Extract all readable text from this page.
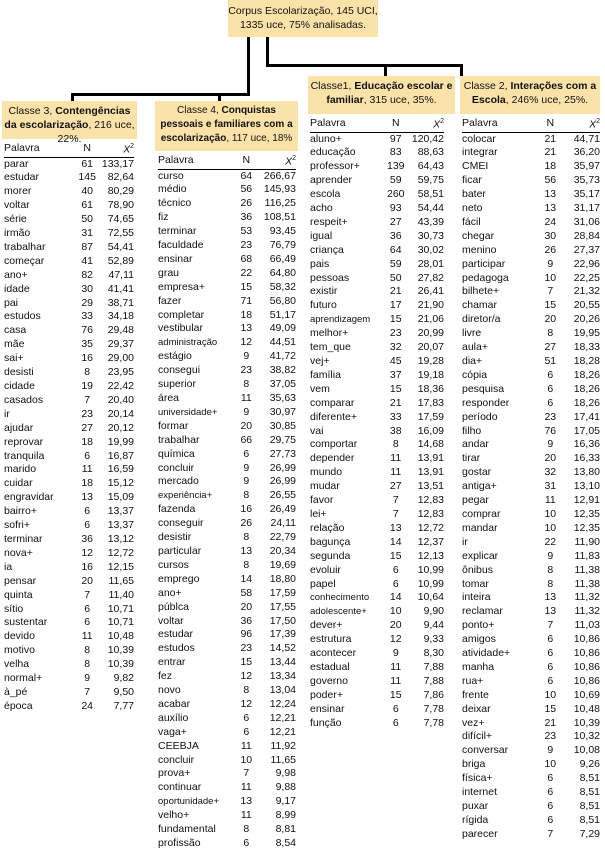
Corpus Escolarização, 145 UCI,
1335 uce, 75% analisadas.
Classe 3, Contengências da escolarização, 216 uce, 22%.
Classe 4, Conquistas pessoais e familiares com a escolarização, 117 uce, 18%
Classe1, Educação escolar e familiar, 315 uce, 35%.
Classe 2, Interações com a Escola, 246% uce, 25%.
Palavra	N	$X^2$
parar	61	133,17
estudar	145	82,64
morer	40	80,29
voltar	61	78,90
série	50	74,65
irmão	31	72,55
trabalhar	87	54,41
começar	41	52,89
ano+	82	47,11
idade	30	41,41
pai	29	38,71
estudos	33	34,18
casa	76	29,48
mãe	35	29,37
sai+	16	29,00
desisti	8	23,95
cidade	19	22,42
casados	7	20,40
ir	23	20,14
ajudar	27	20,12
reprovar	18	19,99
tranquila	6	16,87
marido	11	16,59
cuidar	18	15,12
engravidar	13	15,09
bairro+	6	13,37
sofri+	6	13,37
terminar	36	13,12
nova+	12	12,72
ia	16	12,15
pensar	20	11,65
quinta	7	11,40
sítio	6	10,71
sustentar	6	10,71
devido	11	10,48
motivo	8	10,39
velha	8	10,39
normal+	9	9,82
à_pé	7	9,50
época	24	7,77
Palavra	N	$X^2$
curso	64	266,67
médio	56	145,93
técnico	26	116,25
fiz	36	108,51
terminar	53	93,45
faculdade	23	76,79
ensinar	68	66,49
grau	22	64,80
empresa+	15	58,32
fazer	71	56,80
completar	18	51,17
vestibular	13	49,09
administração	12	44,51
estágio	9	41,72
consegui	23	38,82
superior	8	37,05
área	11	35,63
universidade+	9	30,97
formar	20	30,85
trabalhar	66	29,75
química	6	27,73
concluir	9	26,99
mercado	9	26,99
experiência+	8	26,55
fazenda	16	26,49
conseguir	26	24,11
desistir	8	22,79
particular	13	20,34
cursos	8	19,69
emprego	14	18,80
ano+	58	17,59
públca	20	17,55
voltar	36	17,50
estudar	96	17,39
estudos	23	14,52
entrar	15	13,44
fez	12	13,34
novo	8	13,04
acabar	12	12,24
auxílio	6	12,21
vaga+	6	12,21
CEEBJA	11	11,92
concluir	10	11,65
prova+	7	9,98
continuar	11	9,88
oportunidade+	13	9,17
velho+	11	8,99
fundamental	8	8,81
profissão	6	8,54
Palavra	N	$X^2$
aluno+	97	120,42
educação	83	88,63
professor+	139	64,43
aprender	59	59,75
escola	260	58,51
acho	93	54,44
respeit+	27	43,39
igual	36	30,73
criança	64	30,02
pais	59	28,01
pessoas	50	27,82
existir	21	26,41
futuro	17	21,90
aprendizagem	15	21,06
melhor+	23	20,99
tem_que	32	20,07
vej+	45	19,28
família	37	19,18
vem	15	18,36
comparar	21	17,83
diferente+	33	17,59
vai	38	16,09
comportar	8	14,68
depender	11	13,91
mundo	11	13,91
mudar	27	13,51
favor	7	12,83
lei+	7	12,83
relação	13	12,72
bagunça	14	12,37
segunda	15	12,13
evoluir	6	10,99
papel	6	10,99
conhecimento	14	10,64
adolescente+	10	9,90
dever+	20	9,44
estrutura	12	9,33
acontecer	9	8,30
estadual	11	7,88
governo	11	7,88
poder+	15	7,86
ensinar	6	7,78
função	6	7,78
Palavra	N	$X^2$
colocar	21	44,71
integrar	21	36,20
CMEI	18	35,97
ficar	56	35,73
bater	13	35,17
neto	13	31,17
fácil	24	31,06
chegar	30	28,84
menino	26	27,37
participar	9	22,96
pedagoga	10	22,25
bilhete+	7	21,32
chamar	15	20,55
diretor/a	20	20,26
livre	8	19,95
aula+	27	18,33
dia+	51	18,28
cópia	6	18,26
pesquisa	6	18,26
responder	6	18,26
período	23	17,41
filho	76	17,05
andar	9	16,36
tirar	20	16,33
gostar	32	13,80
antiga+	31	13,10
pegar	11	12,91
comprar	10	12,35
mandar	10	12,35
ir	22	11,90
explicar	9	11,83
ônibus	8	11,38
tomar	8	11,38
inteira	13	11,32
reclamar	13	11,32
ponto+	7	11,03
amigos	6	10,86
atividade+	6	10,86
manha	6	10,86
rua+	6	10,86
frente	10	10,69
deixar	15	10,48
vez+	21	10,39
difícil+	23	10,32
conversar	9	10,08
briga	10	9,26
física+	6	8,51
internet	6	8,51
puxar	6	8,51
rígida	6	8,51
parecer	7	7,29
